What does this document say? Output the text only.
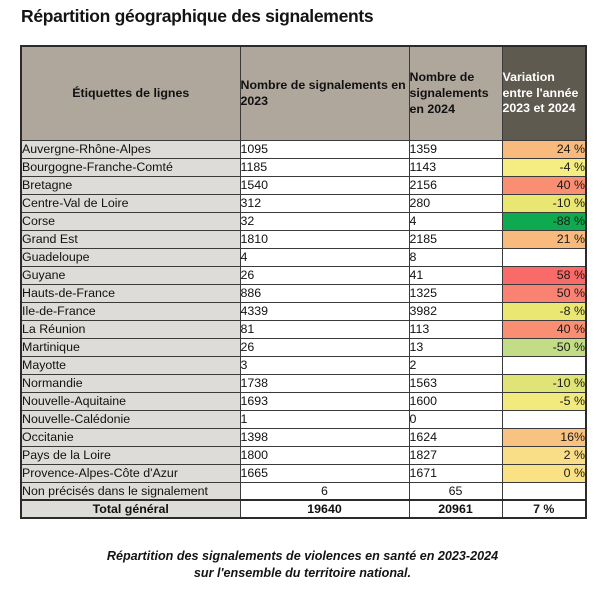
Répartition géographique des signalements
Étiquettes de lignes	Nombre de signalements en 2023	Nombre de signalements en 2024	Variation entre l'année 2023 et 2024
Auvergne-Rhône-Alpes	1095	1359	24 %
Bourgogne-Franche-Comté	1185	1143	-4 %
Bretagne	1540	2156	40 %
Centre-Val de Loire	312	280	-10 %
Corse	32	4	-88 %
Grand Est	1810	2185	21 %
Guadeloupe	4	8	
Guyane	26	41	58 %
Hauts-de-France	886	1325	50 %
Ile-de-France	4339	3982	-8 %
La Réunion	81	113	40 %
Martinique	26	13	-50 %
Mayotte	3	2	
Normandie	1738	1563	-10 %
Nouvelle-Aquitaine	1693	1600	-5 %
Nouvelle-Calédonie	1	0	
Occitanie	1398	1624	16%
Pays de la Loire	1800	1827	2 %
Provence-Alpes-Côte d'Azur	1665	1671	0 %
Non précisés dans le signalement	6	65	
Total général	19640	20961	7 %
Répartition des signalements de violences en santé en 2023-2024
sur l'ensemble du territoire national.
